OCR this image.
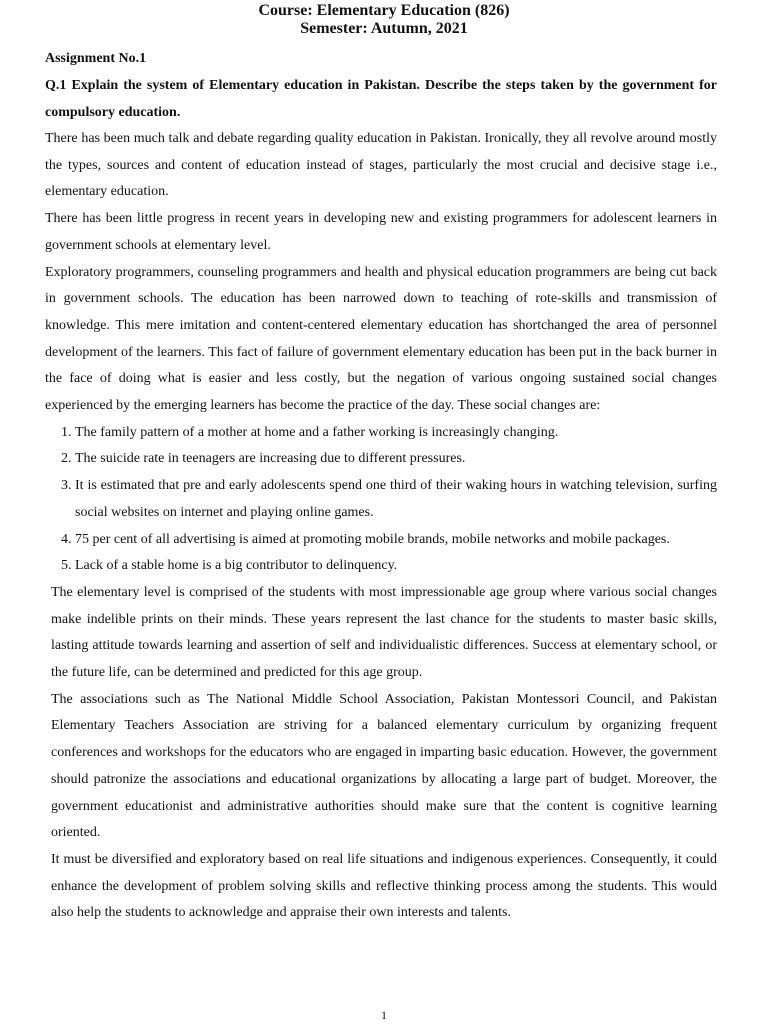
Course: Elementary Education (826)
Semester: Autumn, 2021

Assignment No.1

Q.1 Explain the system of Elementary education in Pakistan. Describe the steps taken by the government for compulsory education.

There has been much talk and debate regarding quality education in Pakistan. Ironically, they all revolve around mostly the types, sources and content of education instead of stages, particularly the most crucial and decisive stage i.e., elementary education.

There has been little progress in recent years in developing new and existing programmers for adolescent learners in government schools at elementary level.

Exploratory programmers, counseling programmers and health and physical education programmers are being cut back in government schools. The education has been narrowed down to teaching of rote-skills and transmission of knowledge. This mere imitation and content-centered elementary education has shortchanged the area of personnel development of the learners. This fact of failure of government elementary education has been put in the back burner in the face of doing what is easier and less costly, but the negation of various ongoing sustained social changes experienced by the emerging learners has become the practice of the day. These social changes are:

1. The family pattern of a mother at home and a father working is increasingly changing.
2. The suicide rate in teenagers are increasing due to different pressures.
3. It is estimated that pre and early adolescents spend one third of their waking hours in watching television, surfing social websites on internet and playing online games.
4. 75 per cent of all advertising is aimed at promoting mobile brands, mobile networks and mobile packages.
5. Lack of a stable home is a big contributor to delinquency.

The elementary level is comprised of the students with most impressionable age group where various social changes make indelible prints on their minds. These years represent the last chance for the students to master basic skills, lasting attitude towards learning and assertion of self and individualistic differences. Success at elementary school, or the future life, can be determined and predicted for this age group.

The associations such as The National Middle School Association, Pakistan Montessori Council, and Pakistan Elementary Teachers Association are striving for a balanced elementary curriculum by organizing frequent conferences and workshops for the educators who are engaged in imparting basic education. However, the government should patronize the associations and educational organizations by allocating a large part of budget. Moreover, the government educationist and administrative authorities should make sure that the content is cognitive learning oriented.

It must be diversified and exploratory based on real life situations and indigenous experiences. Consequently, it could enhance the development of problem solving skills and reflective thinking process among the students. This would also help the students to acknowledge and appraise their own interests and talents.

1
